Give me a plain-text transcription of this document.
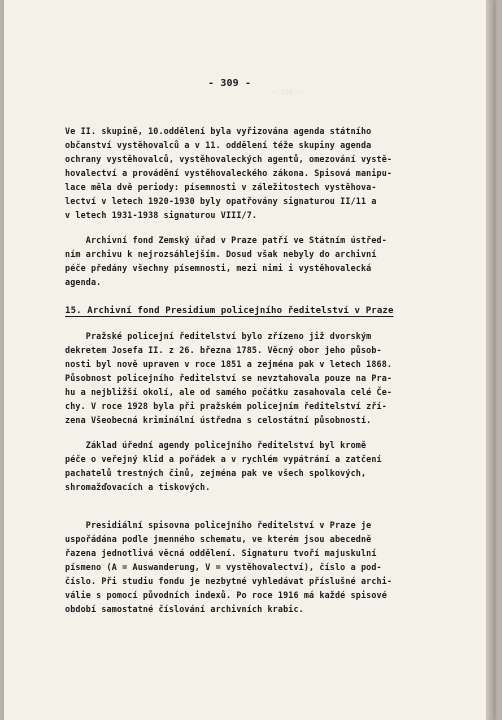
— 310 —
- 309 -

Ve II. skupině, 10.oddělení byla vyřizována agenda státního
občanství vystěhovalců a v 11. oddělení téže skupiny agenda
ochrany vystěhovalců, vystěhovaleckých agentů, omezování vystě-
hovalectví a provádění vystěhovaleckého zákona. Spisová manipu-
lace měla dvě periody: písemnosti v záležitostech vystěhova-
lectví v letech 1920-1930 byly opatřovány signaturou II/11 a
v letech 1931-1938 signaturou VIII/7.

Archivní fond Zemský úřad v Praze patří ve Státním ústřed-
ním archivu k nejrozsáhlejším. Dosud však nebyly do archivní
péče předány všechny písemnosti, mezi nimi i vystěhovalecká
agenda.

15. Archivní fond Presidium policejního ředitelství v Praze

Pražské policejní ředitelství bylo zřízeno již dvorským
dekretem Josefa II. z 26. března 1785. Věcný obor jeho působ-
nosti byl nově upraven v roce 1851 a zejména pak v letech 1868.
Působnost policejního ředitelství se nevztahovala pouze na Pra-
hu a nejbližší okolí, ale od samého počátku zasahovala celé Če-
chy. V roce 1928 byla při pražském policejním ředitelství zří-
zena Všeobecná kriminální ústředna s celostátní působností.

Základ úřední agendy policejního ředitelství byl kromě
péče o veřejný klid a pořádek a v rychlém vypátrání a zatčení
pachatelů trestných činů, zejména pak ve všech spolkových,
shromažďovacích a tiskových.

Presidiální spisovna policejního ředitelství v Praze je
uspořádána podle jmenného schematu, ve kterém jsou abecedně
řazena jednotlivá věcná oddělení. Signaturu tvoří majuskulní
písmeno (A = Auswanderung, V = vystěhovalectví), číslo a pod-
číslo. Při studiu fondu je nezbytné vyhledávat příslušné archi-
válie s pomocí původních indexů. Po roce 1916 má každé spisové
období samostatné číslování archivních krabic.
